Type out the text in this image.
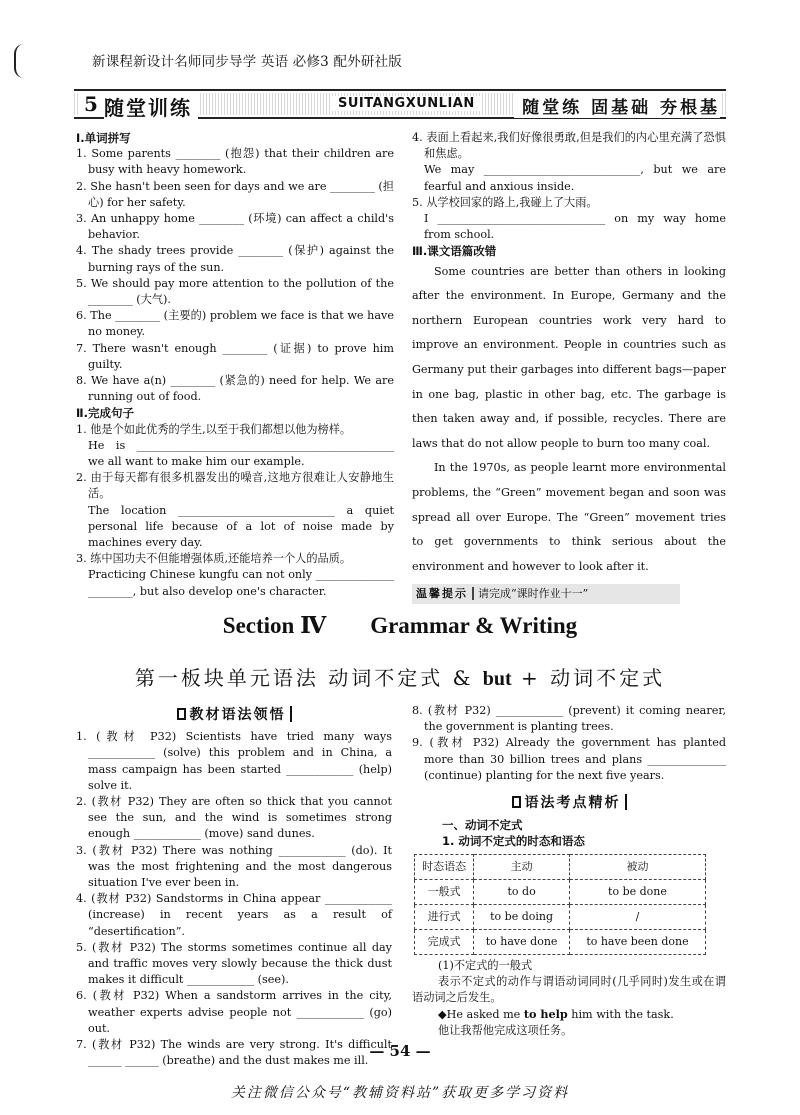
新课程新设计名师同步导学 英语 必修3 配外研社版
5 随堂训练	SUITANGXUNLIAN	随堂练 固基础 夯根基
Ⅰ.单词拼写
1. Some parents ________ (抱怨) that their children are busy with heavy homework.
2. She hasn't been seen for days and we are ________ (担心) for her safety.
3. An unhappy home ________ (环境) can affect a child's behavior.
4. The shady trees provide ________ (保护) against the burning rays of the sun.
5. We should pay more attention to the pollution of the ________ (大气).
6. The ________ (主要的) problem we face is that we have no money.
7. There wasn't enough ________ (证据) to prove him guilty.
8. We have a(n) ________ (紧急的) need for help. We are running out of food.
Ⅱ.完成句子
1. 他是个如此优秀的学生,以至于我们都想以他为榜样。
He is ______________________________________________ we all want to make him our example.
2. 由于每天都有很多机器发出的噪音,这地方很难让人安静地生活。
The location ____________________________ a quiet personal life because of a lot of noise made by machines every day.
3. 练中国功夫不但能增强体质,还能培养一个人的品质。
Practicing Chinese kungfu can not only ______________ ________, but also develop one's character.
4. 表面上看起来,我们好像很勇敢,但是我们的内心里充满了恐惧和焦虑。
We may ____________________________, but we are fearful and anxious inside.
5. 从学校回家的路上,我碰上了大雨。
I ______________________________ on my way home from school.
Ⅲ.课文语篇改错
Some countries are better than others in looking after the environment. In Europe, Germany and the northern European countries work very hard to improve an environment. People in countries such as Germany put their garbages into different bags—paper in one bag, plastic in other bag, etc. The garbage is then taken away and, if possible, recycles. There are laws that do not allow people to burn too many coal.
In the 1970s, as people learnt more environmental problems, the “Green” movement began and soon was spread all over Europe. The “Green” movement tries to get governments to think serious about the environment and however to look after it.
温馨提示 请完成“课时作业十一”
Section Ⅳ Grammar & Writing
第一板块单元语法 动词不定式 & but + 动词不定式
教材语法领悟
1. (教材 P32) Scientists have tried many ways ____________ (solve) this problem and in China, a mass campaign has been started ____________ (help) solve it.
2. (教材 P32) They are often so thick that you cannot see the sun, and the wind is sometimes strong enough ____________ (move) sand dunes.
3. (教材 P32) There was nothing ____________ (do). It was the most frightening and the most dangerous situation I've ever been in.
4. (教材 P32) Sandstorms in China appear ____________ (increase) in recent years as a result of “desertification”.
5. (教材 P32) The storms sometimes continue all day and traffic moves very slowly because the thick dust makes it difficult ____________ (see).
6. (教材 P32) When a sandstorm arrives in the city, weather experts advise people not ____________ (go) out.
7. (教材 P32) The winds are very strong. It's difficult ______ ______ (breathe) and the dust makes me ill.
8. (教材 P32) ____________ (prevent) it coming nearer, the government is planting trees.
9. (教材 P32) Already the government has planted more than 30 billion trees and plans ______________ (continue) planting for the next five years.
语法考点精析
一、动词不定式
1. 动词不定式的时态和语态
时态语态	主动	被动
一般式	to do	to be done
进行式	to be doing	/
完成式	to have done	to have been done
(1)不定式的一般式
表示不定式的动作与谓语动词同时(几乎同时)发生或在谓语动词之后发生。
◆He asked me to help him with the task.
他让我帮他完成这项任务。
— 54 —
关注微信公众号“教辅资料站”获取更多学习资料
